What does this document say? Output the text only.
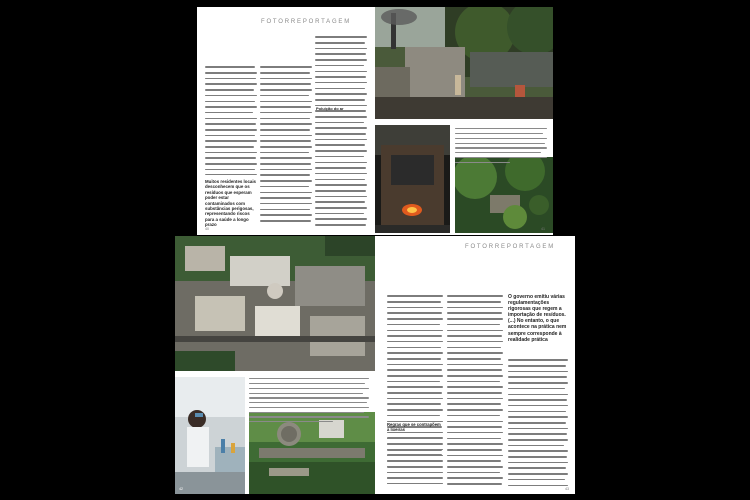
FOTORREPORTAGEM
Muitos residentes locais desconhecem que os resíduos que esperam poder estar contaminados com substâncias perigosas, representando riscos para a saúde a longo prazo
40	41
Poluição do ar
42
FOTORREPORTAGEM
Regras que se contrapõem a lixeiras
O governo emitiu várias regulamentações rigorosas que regem a importação de resíduos. (...) No entanto, o que acontece na prática nem sempre corresponde à realidade prática
43
